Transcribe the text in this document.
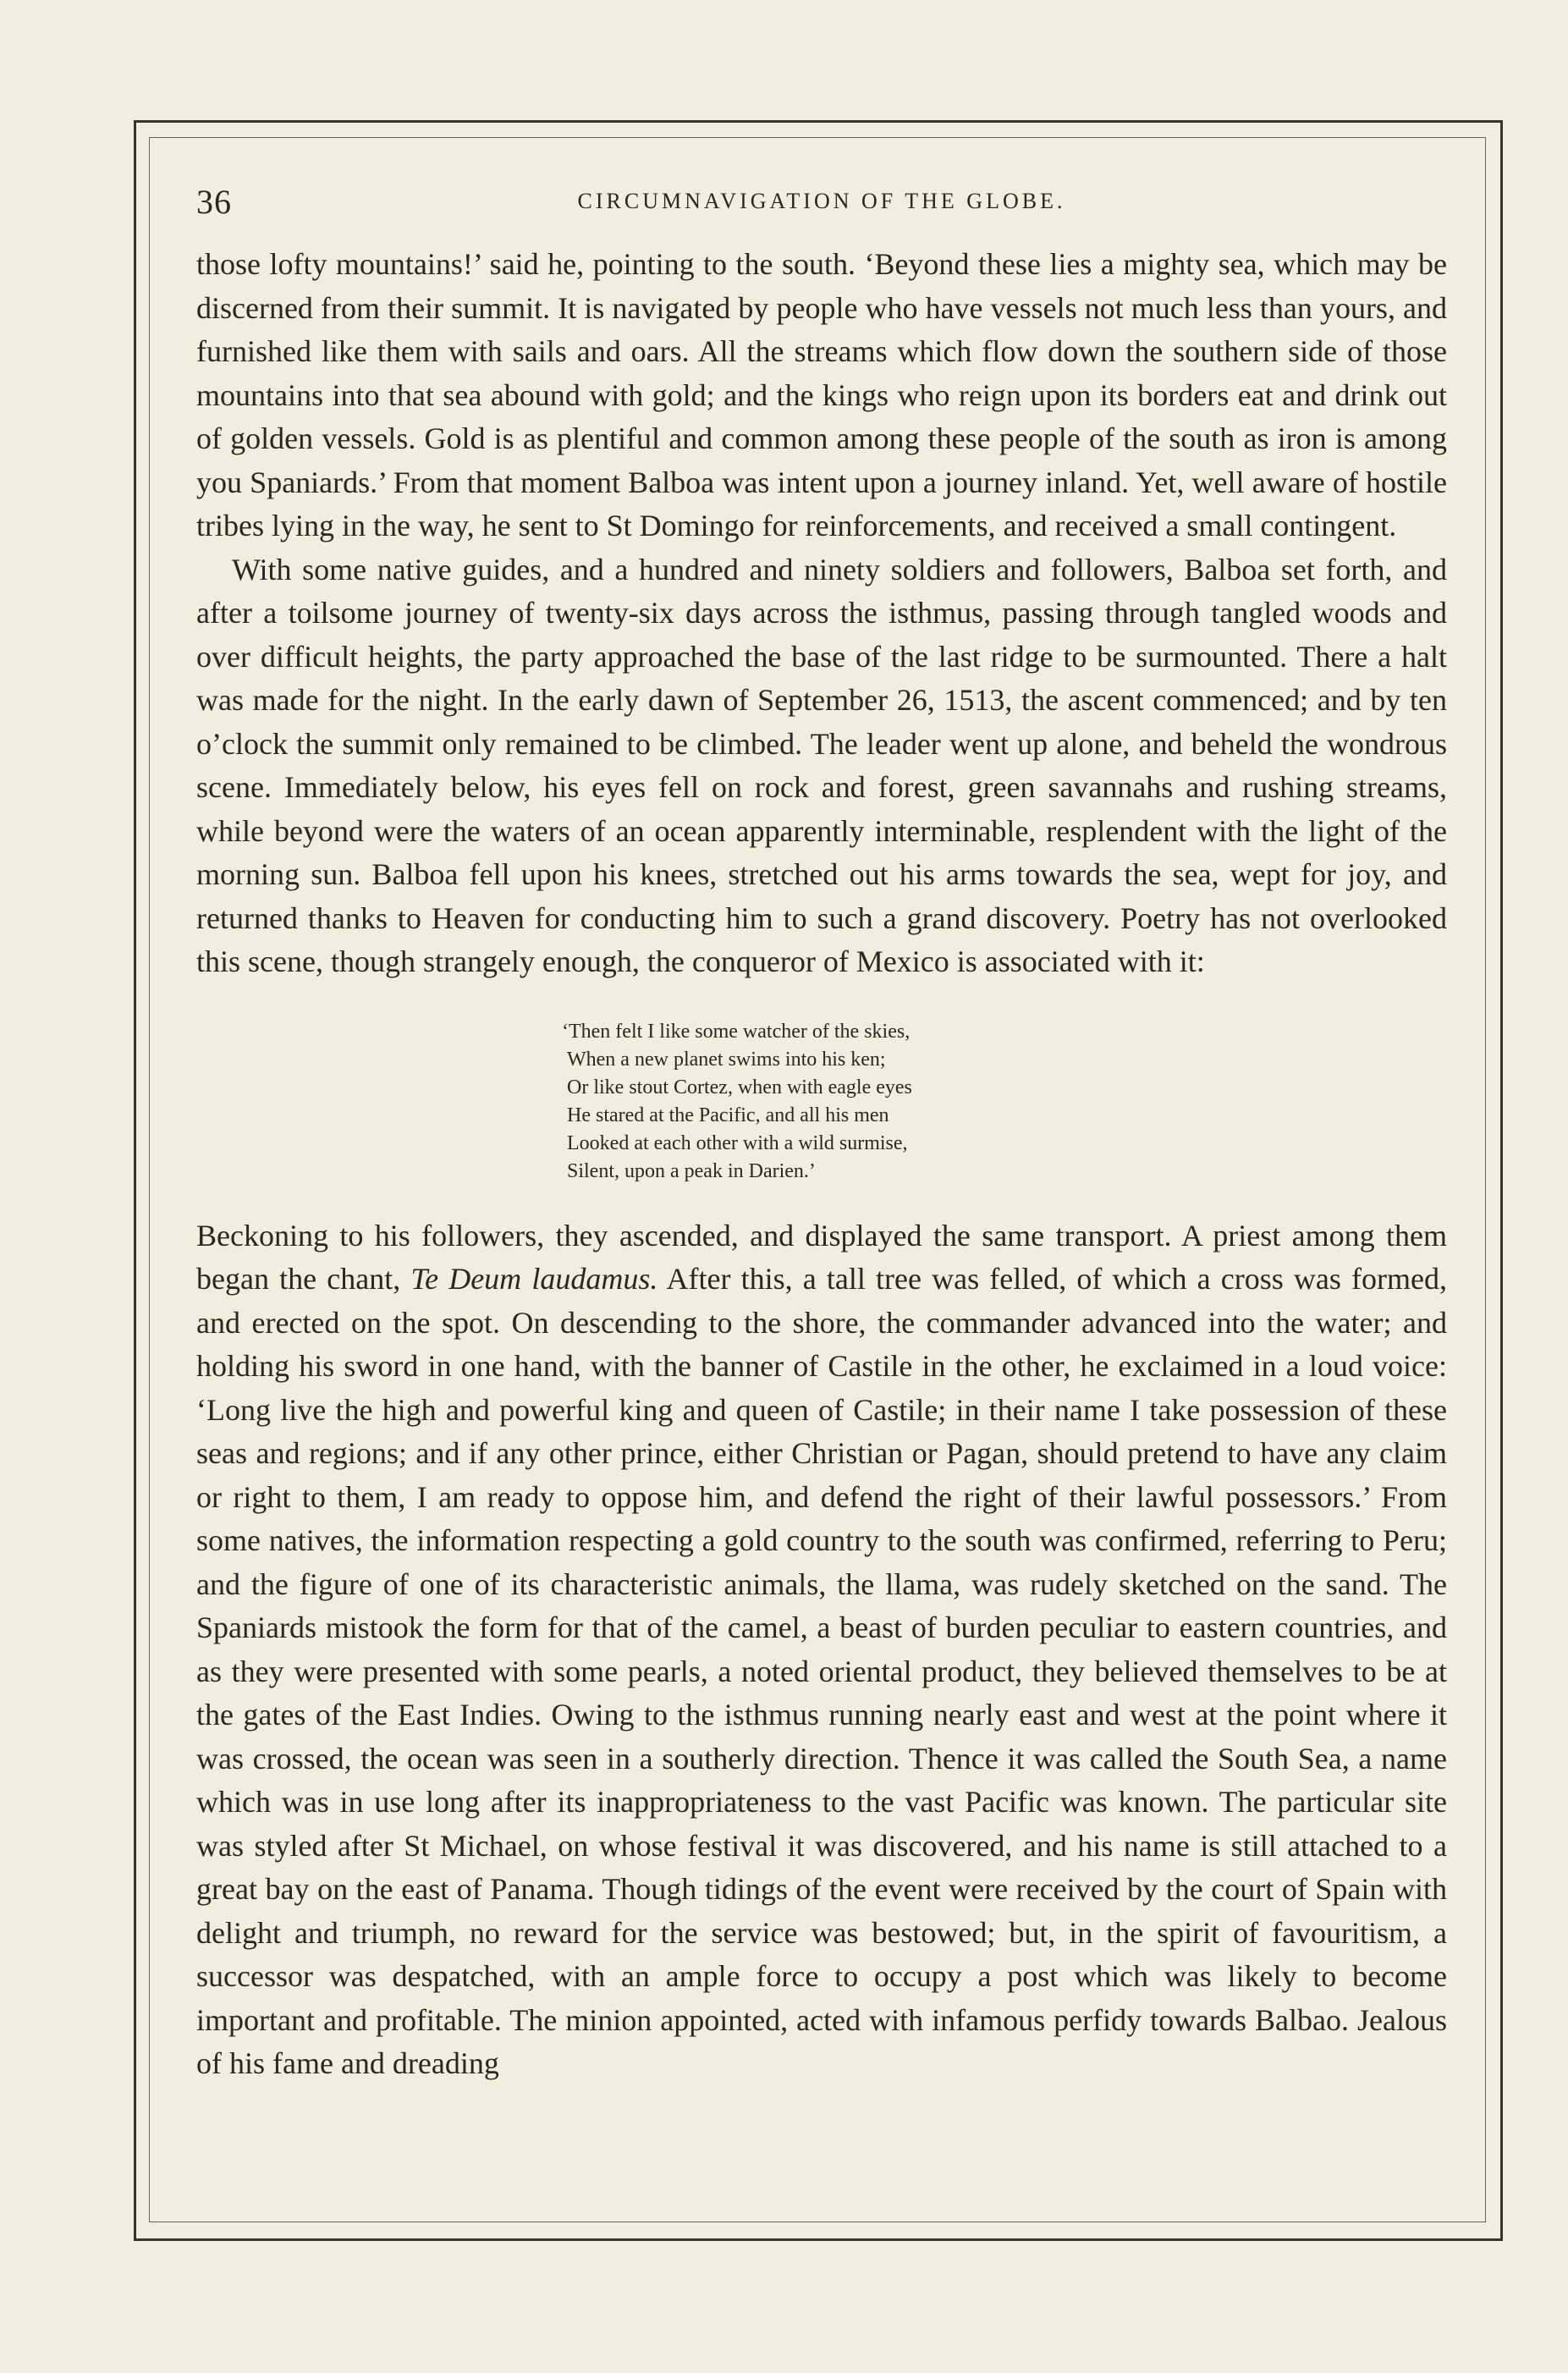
36	CIRCUMNAVIGATION OF THE GLOBE.

those lofty mountains!’ said he, pointing to the south. ‘Beyond these lies a mighty sea, which may be discerned from their summit. It is navigated by people who have vessels not much less than yours, and furnished like them with sails and oars. All the streams which flow down the southern side of those mountains into that sea abound with gold; and the kings who reign upon its borders eat and drink out of golden vessels. Gold is as plentiful and common among these people of the south as iron is among you Spaniards.’ From that moment Balboa was intent upon a journey inland. Yet, well aware of hostile tribes lying in the way, he sent to St Domingo for reinforcements, and received a small contingent.

With some native guides, and a hundred and ninety soldiers and followers, Balboa set forth, and after a toilsome journey of twenty-six days across the isthmus, passing through tangled woods and over difficult heights, the party approached the base of the last ridge to be surmounted. There a halt was made for the night. In the early dawn of September 26, 1513, the ascent commenced; and by ten o’clock the summit only remained to be climbed. The leader went up alone, and beheld the wondrous scene. Immediately below, his eyes fell on rock and forest, green savannahs and rushing streams, while beyond were the waters of an ocean apparently interminable, resplendent with the light of the morning sun. Balboa fell upon his knees, stretched out his arms towards the sea, wept for joy, and returned thanks to Heaven for conducting him to such a grand discovery. Poetry has not overlooked this scene, though strangely enough, the conqueror of Mexico is associated with it:

‘Then felt I like some watcher of the skies,
When a new planet swims into his ken;
Or like stout Cortez, when with eagle eyes
He stared at the Pacific, and all his men
Looked at each other with a wild surmise,
Silent, upon a peak in Darien.’

Beckoning to his followers, they ascended, and displayed the same transport. A priest among them began the chant, Te Deum laudamus. After this, a tall tree was felled, of which a cross was formed, and erected on the spot. On descending to the shore, the commander advanced into the water; and holding his sword in one hand, with the banner of Castile in the other, he exclaimed in a loud voice: ‘Long live the high and powerful king and queen of Castile; in their name I take possession of these seas and regions; and if any other prince, either Christian or Pagan, should pretend to have any claim or right to them, I am ready to oppose him, and defend the right of their lawful possessors.’ From some natives, the information respecting a gold country to the south was confirmed, referring to Peru; and the figure of one of its characteristic animals, the llama, was rudely sketched on the sand. The Spaniards mistook the form for that of the camel, a beast of burden peculiar to eastern countries, and as they were presented with some pearls, a noted oriental product, they believed themselves to be at the gates of the East Indies. Owing to the isthmus running nearly east and west at the point where it was crossed, the ocean was seen in a southerly direction. Thence it was called the South Sea, a name which was in use long after its inappropriateness to the vast Pacific was known. The particular site was styled after St Michael, on whose festival it was discovered, and his name is still attached to a great bay on the east of Panama. Though tidings of the event were received by the court of Spain with delight and triumph, no reward for the service was bestowed; but, in the spirit of favouritism, a successor was despatched, with an ample force to occupy a post which was likely to become important and profitable. The minion appointed, acted with infamous perfidy towards Balbao. Jealous of his fame and dreading
